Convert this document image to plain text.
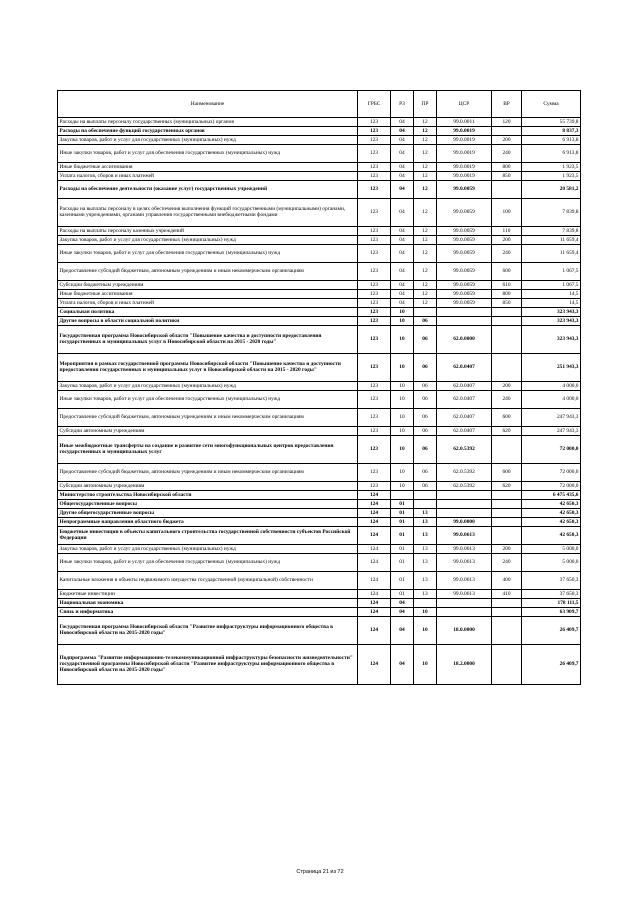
Наименование	ГРБС	РЗ	ПР	ЦСР	ВР	Сумма
Расходы на выплаты персоналу государственных (муниципальных) органов	123	04	12	99.0.0011	120	55 739,8
Расходы на обеспечение функций государственных органов	123	04	12	99.0.0019		8 837,3
Закупка товаров, работ и услуг для государственных (муниципальных) нужд	123	04	12	99.0.0019	200	6 913,8
Иные закупки товаров, работ и услуг для обеспечения государственных (муниципальных) нужд	123	04	12	99.0.0019	240	6 913,8
Иные бюджетные ассигнования	123	04	12	99.0.0019	800	1 923,5
Уплата налогов, сборов и иных платежей	123	04	12	99.0.0019	850	1 923,5
Расходы на обеспечение деятельности (оказание услуг) государственных учреждений	123	04	12	99.0.0059		20 581,2
Расходы на выплаты персоналу в целях обеспечения выполнения функций государственными (муниципальными) органами, казенными учреждениями, органами управления государственными внебюджетными фондами	123	04	12	99.0.0059	100	7 839,8
Расходы на выплаты персоналу казенных учреждений	123	04	12	99.0.0059	110	7 839,8
Закупка товаров, работ и услуг для государственных (муниципальных) нужд	123	04	12	99.0.0059	200	11 659,4
Иные закупки товаров, работ и услуг для обеспечения государственных (муниципальных) нужд	123	04	12	99.0.0059	240	11 659,4
Предоставление субсидий бюджетным, автономным учреждениям и иным некоммерческим организациям	123	04	12	99.0.0059	600	1 067,5
Субсидии бюджетным учреждениям	123	04	12	99.0.0059	610	1 067,5
Иные бюджетные ассигнования	123	04	12	99.0.0059	800	14,5
Уплата налогов, сборов и иных платежей	123	04	12	99.0.0059	850	14,5
Социальная политика	123	10				323 943,3
Другие вопросы в области социальной политики	123	10	06			323 943,3
Государственная программа Новосибирской области "Повышение качества и доступности предоставления государственных и муниципальных услуг в Новосибирской области на 2015 - 2020 годы"	123	10	06	62.0.0000		323 943,3
Мероприятия в рамках государственной программы Новосибирской области "Повышение качества и доступности предоставления государственных и муниципальных услуг в Новосибирской области на 2015 - 2020 годы"	123	10	06	62.0.0407		251 943,3
Закупка товаров, работ и услуг для государственных (муниципальных) нужд	123	10	06	62.0.0407	200	4 000,0
Иные закупки товаров, работ и услуг для обеспечения государственных (муниципальных) нужд	123	10	06	62.0.0407	240	4 000,0
Предоставление субсидий бюджетным, автономным учреждениям и иным некоммерческим организациям	123	10	06	62.0.0407	600	247 943,3
Субсидии автономным учреждениям	123	10	06	62.0.0407	620	247 943,3
Иные межбюджетные трансферты на создание и развитие сети многофункциональных центров предоставления государственных и муниципальных услуг	123	10	06	62.0.5392		72 000,0
Предоставление субсидий бюджетным, автономным учреждениям и иным некоммерческим организациям	123	10	06	62.0.5392	600	72 000,0
Субсидии автономным учреждениям	123	10	06	62.0.5392	620	72 000,0
Министерство строительства Новосибирской области	124					6 475 435,6
Общегосударственные вопросы	124	01				42 650,3
Другие общегосударственные вопросы	124	01	13			42 650,3
Непрограммные направления областного бюджета	124	01	13	99.0.0000		42 650,3
Бюджетные инвестиции в объекты капитального строительства государственной собственности субъектов Российской Федерации	124	01	13	99.0.0613		42 650,3
Закупка товаров, работ и услуг для государственных (муниципальных) нужд	124	01	13	99.0.0613	200	5 000,0
Иные закупки товаров, работ и услуг для обеспечения государственных (муниципальных) нужд	124	01	13	99.0.0613	240	5 000,0
Капитальные вложения в объекты недвижимого имущества государственной (муниципальной) собственности	124	01	13	99.0.0613	400	37 650,3
Бюджетные инвестиции	124	01	13	99.0.0613	410	37 650,3
Национальная экономика	124	04				178 111,5
Связь и информатика	124	04	10			63 909,7
Государственная программа Новосибирской области "Развитие инфраструктуры информационного общества в Новосибирской области на 2015-2020 годы"	124	04	10	18.0.0000		26 409,7
Подпрограмма "Развитие информационно-телекоммуникационной инфраструктуры безопасности жизнедеятельности" государственной программы Новосибирской области "Развитие инфраструктуры информационного общества в Новосибирской области на 2015-2020 годы"	124	04	10	18.2.0000		26 409,7
Страница 21 из 72
